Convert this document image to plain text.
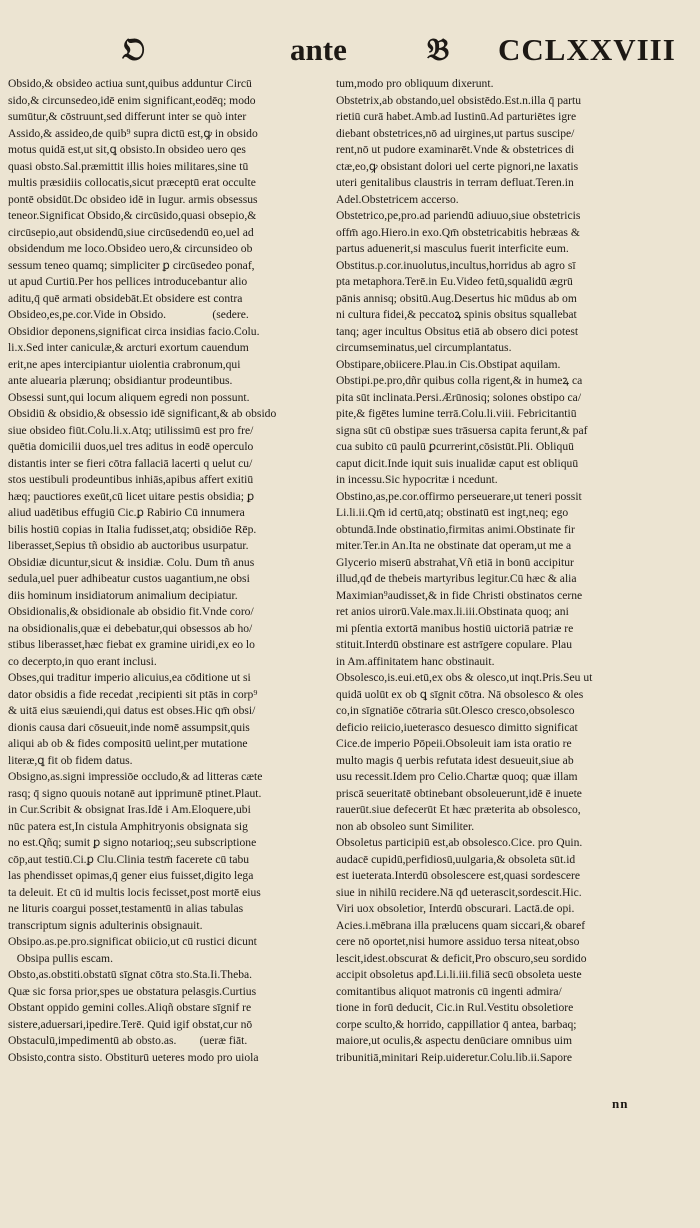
𝔒	ante	𝔅 CCLXXVIII
Obsido,& obsideo actiua sunt,quibus adduntur Circū
sido,& circunsedeo,idē enim significant,eodēq; modo
sumūtur,& cōstruunt,sed differunt inter se quò inter
Assido,& assideo,de quib⁹ supra dictū est,ꝙ in obsido
motus quidā est,ut sit,ꝗ obsisto.In obsideo uero qes
quasi obsto.Sal.præmittit illis hoies militares,sine tū
multis præsidiis collocatis,sicut præceptū erat occulte
pontē obsidūt.Dc obsideo idē in Iugur. armis obsessus
teneor.Significat Obsido,& circūsido,quasi obsepio,&
circūsepio,aut obsidendū,siue circūsedendū eo,uel ad
obsidendum me loco.Obsideo uero,& circunsideo ob
sessum teneo quamq; simpliciter ꝑ circūsedeo ponaf,
ut apud Curtiū.Per hos pellices introducebantur alio
aditu,q̄ quē armati obsidebāt.Et obsidere est contra
Obsideo,es,pe.cor.Vide in Obsido.                (sedere.
Obsidior deponens,significat circa insidias facio.Colu.
li.x.Sed inter caniculæ,& arcturi exortum cauendum
erit,ne apes intercipiantur uiolentia crabronum,qui
ante aluearia plærunq; obsidiantur prodeuntibus.
Obsessi sunt,qui locum aliquem egredi non possunt.
Obsidiū & obsidio,& obsessio idē significant,& ab obsido
siue obsideo fiūt.Colu.li.x.Atq; utilissimū est pro fre/
quētia domicilii duos,uel tres aditus in eodē operculo
distantis inter se fieri cōtra fallaciā lacerti q uelut cu/
stos uestibuli prodeuntibus inhiās,apibus affert exitiū
hæq; pauctiores exeūt,cū licet uitare pestis obsidia; ꝑ
aliud uadētibus effugiū Cic.ꝑ Rabirio Cū innumera
bilis hostiū copias in Italia fudisset,atq; obsidiōe Rēp.
liberasset,Sepius tñ obsidio ab auctoribus usurpatur.
Obsidiæ dicuntur,sicut & insidiæ. Colu. Dum tñ anus
sedula,uel puer adhibeatur custos uagantium,ne obsi
diis hominum insidiatorum animalium decipiatur.
Obsidionalis,& obsidionale ab obsidio fit.Vnde coro/
na obsidionalis,quæ ei debebatur,qui obsessos ab ho/
stibus liberasset,hæc fiebat ex gramine uiridi,ex eo lo
co decerpto,in quo erant inclusi.
Obses,qui traditur imperio alicuius,ea cōditione ut si
dator obsidis a fide recedat ,recipienti sit ptās in corp⁹
& uitā eius sæuiendi,qui datus est obses.Hic qm̄ obsi/
dionis causa dari cōsueuit,inde nomē assumpsit,quis
aliqui ab ob & fides compositū uelint,per mutatione
literæ,ꝗ fit ob fidem datus.
Obsigno,as.signi impressiōe occludo,& ad litteras cæte
rasq; q̄ signo quouis notanē aut ipprimunē ptinet.Plaut.
in Cur.Scribit & obsignat Iras.Idē i Am.Eloquere,ubi
nūc patera est,In cistula Amphitryonis obsignata sig
no est.Qñq; sumit ꝑ signo notarioq;,seu subscriptione
cōp,aut testiū.Ci.ꝑ Clu.Clinia testm̄ facerete cū tabu
las phendisset opimas,q̄ gener eius fuisset,digito lega
ta deleuit. Et cū id multis locis fecisset,post mortē eius
ne lituris coargui posset,testamentū in alias tabulas
transcriptum signis adulterinis obsignauit.
Obsipo.as.pe.pro.significat obiicio,ut cū rustici dicunt
Obsipa pullis escam.
Obsto,as.obstiti.obstatū sīgnat cōtra sto.Sta.Ii.Theba.
Quæ sic forsa prior,spes ue obstatura pelasgis.Curtius
Obstant oppido gemini colles.Aliqñ obstare sīgnif re
sistere,aduersari,ipedire.Terē. Quid igif obstat,cur nō
Obstaculū,impedimentū ab obsto.as.        (ueræ fiāt.
Obsisto,contra sisto. Obstiturū ueteres modo pro uiola
tum,modo pro obliquum dixerunt.
Obstetrix,ab obstando,uel obsistēdo.Est.n.illa q̄ partu
rietiū curā habet.Amb.ad Iustinū.Ad parturiētes igre
diebant obstetrices,nō ad uirgines,ut partus suscipe/
rent,nō ut pudore examinarēt.Vnde & obstetrices di
ctæ,eo,ꝙ obsistant dolori uel certe pignori,ne laxatis
uteri genitalibus claustris in terram defluat.Teren.in
Adel.Obstetricem accerso.
Obstetrico,pe,pro.ad pariendū adiuuo,siue obstetricis
offm̄ ago.Hiero.in exo.Qm̄ obstetricabitis hebræas &
partus aduenerit,si masculus fuerit interficite eum.
Obstitus.p.cor.inuolutus,incultus,horridus ab agro sī
pta metaphora.Terē.in Eu.Video fetū,squalidū ægrū
pānis annisq; obsitū.Aug.Desertus hic mūdus ab om
ni cultura fidei,& peccatoꝝ spinis obsitus squallebat
tanq; ager incultus Obsitus etiā ab obsero dici potest
circumseminatus,uel circumplantatus.
Obstipare,obiicere.Plau.in Cis.Obstipat aquilam.
Obstipi.pe.pro,dñr quibus colla rigent,& in humeꝝ ca
pita sūt inclinata.Persi.Ærūnosiq; solones obstipo ca/
pite,& figētes lumine terrā.Colu.li.viii. Febricitantiū
signa sūt cū obstipæ sues trāsuersa capita ferunt,& paf
cua subito cū paulū ꝑcurrerint,cōsistūt.Pli. Obliquū
caput dicit.Inde iquit suis inualidæ caput est obliquū
in incessu.Sic hypocritæ i ncedunt.
Obstino,as,pe.cor.offirmo perseuerare,ut teneri possit
Li.li.ii.Qm̄ id certū,atq; obstinatū est ingt,neq; ego
obtundā.Inde obstinatio,firmitas animi.Obstinate fir
miter.Ter.in An.Ita ne obstinate dat operam,ut me a
Glycerio miserū abstrahat,Vñ etiā in bonū accipitur
illud,qđ de thebeis martyribus legitur.Cū hæc & alia
Maximian⁹audisset,& in fide Christi obstinatos cerne
ret anios uirorū.Vale.max.li.iii.Obstinata quoq; ani
mi pſentia extortā manibus hostiū uictoriā patriæ re
stituit.Interdū obstinare est astrīgere copulare. Plau
in Am.affinitatem hanc obstinauit.
Obsolesco,is.eui.etū,ex obs & olesco,ut inqt.Pris.Seu ut
quidā uolūt ex ob ꝗ sīgnit cōtra. Nā obsolesco & oles
co,in sīgnatiōe cōtraria sūt.Olesco cresco,obsolesco
deficio reiicio,iueterasco desuesco dimitto significat
Cice.de imperio Pōpeii.Obsoleuit iam ista oratio re
multo magis q̄ uerbis refutata idest desueuit,siue ab
usu recessit.Idem pro Celio.Chartæ quoq; quæ illam
priscā seueritatē obtinebant obsoleuerunt,idē ē inuete
rauerūt.siue defecerūt Et hæc præterita ab obsolesco,
non ab obsoleo sunt Similiter.
Obsoletus participiū est,ab obsolesco.Cice. pro Quin.
audacē cupidū,perfidiosū,uulgaria,& obsoleta sūt.id
est iueterata.Interdū obsolescere est,quasi sordescere
siue in nihilū recidere.Nā qđ ueterascit,sordescit.Hic.
Viri uox obsoletior, Interdū obscurari. Lactā.de opi.
Acies.i.mēbrana illa prælucens quam siccari,& obaref
cere nō oportet,nisi humore assiduo tersa niteat,obso
lescit,idest.obscurat & deficit,Pro obscuro,seu sordido
accipit obsoletus apđ.Li.li.iii.filiā secū obsoleta ueste
comitantibus aliquot matronis cū ingenti admira/
tione in forū deducit, Cic.in Rul.Vestitu obsoletiore
corpe sculto,& horrido, cappillatior q̄ antea, barbaq;
maiore,ut oculis,& aspectu denūciare omnibus uim
tribunitiā,minitari Reip.uideretur.Colu.lib.ii.Sapore
nn
